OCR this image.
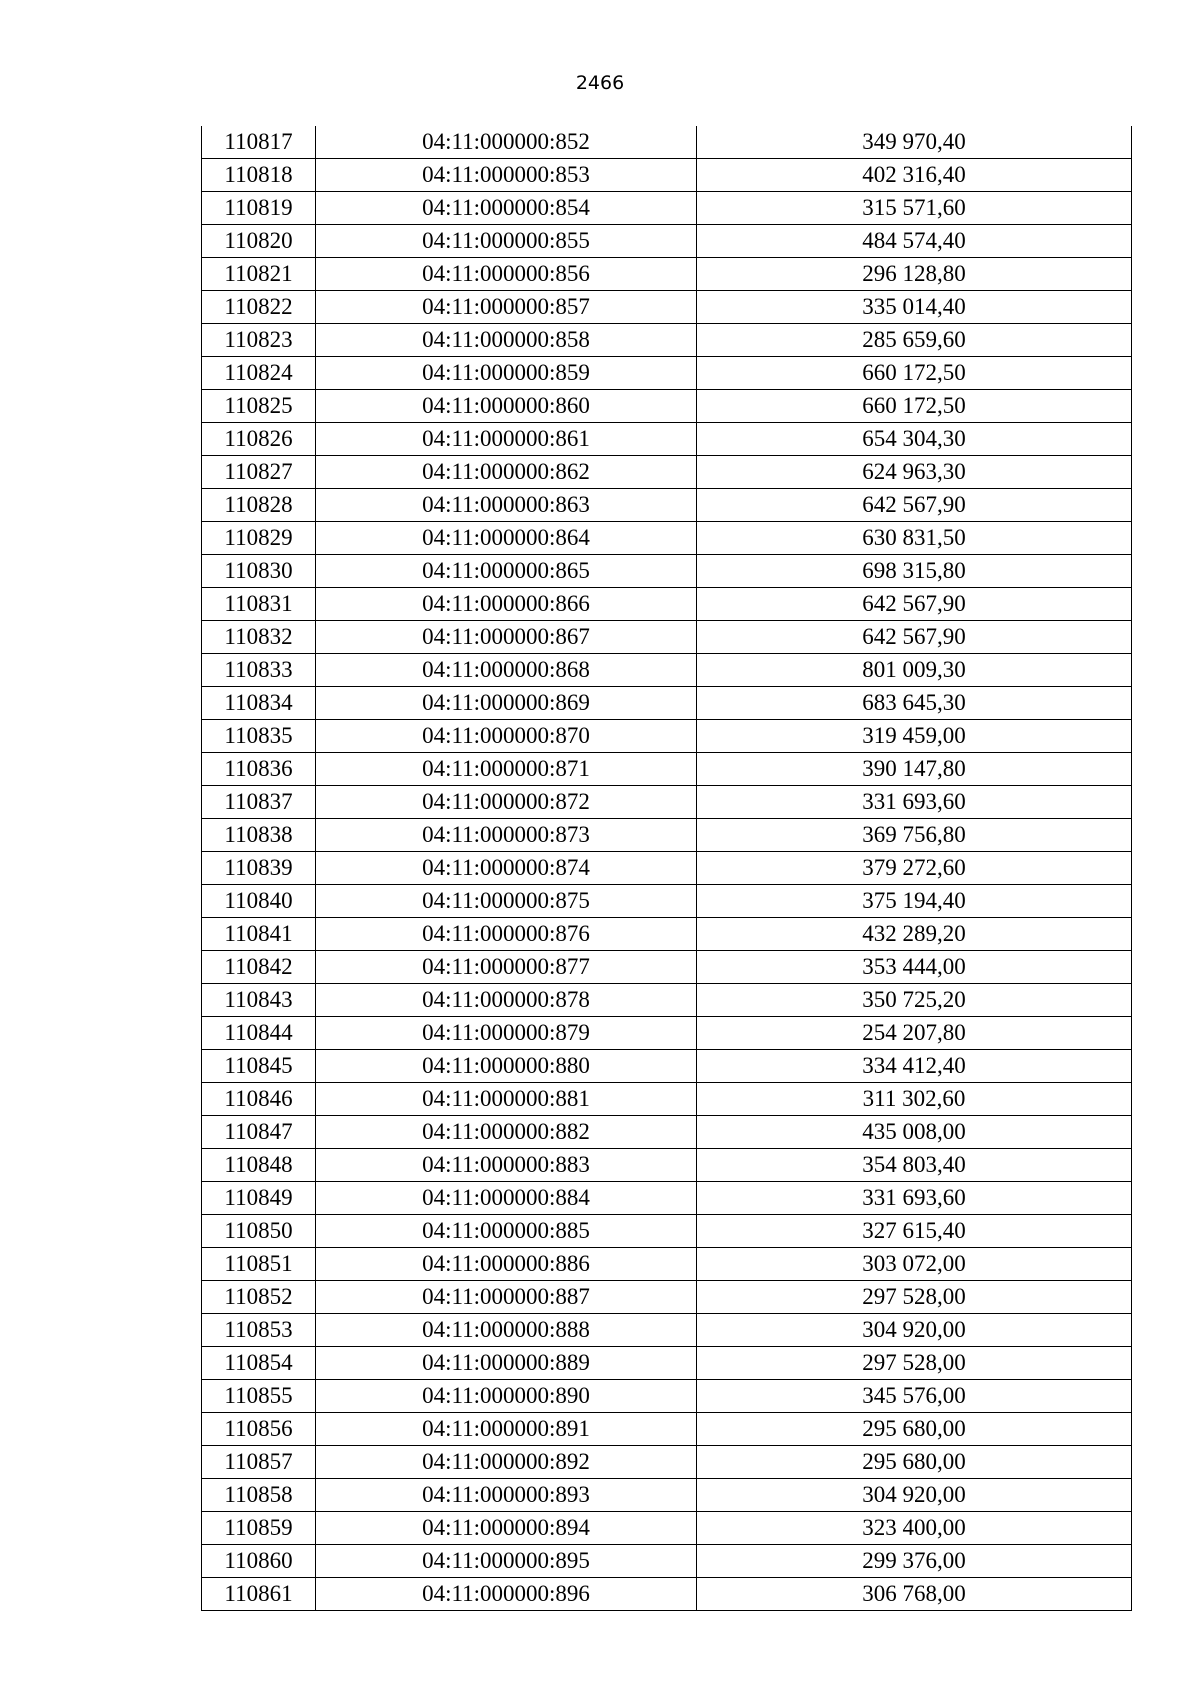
2466
110817	04:11:000000:852	349 970,40
110818	04:11:000000:853	402 316,40
110819	04:11:000000:854	315 571,60
110820	04:11:000000:855	484 574,40
110821	04:11:000000:856	296 128,80
110822	04:11:000000:857	335 014,40
110823	04:11:000000:858	285 659,60
110824	04:11:000000:859	660 172,50
110825	04:11:000000:860	660 172,50
110826	04:11:000000:861	654 304,30
110827	04:11:000000:862	624 963,30
110828	04:11:000000:863	642 567,90
110829	04:11:000000:864	630 831,50
110830	04:11:000000:865	698 315,80
110831	04:11:000000:866	642 567,90
110832	04:11:000000:867	642 567,90
110833	04:11:000000:868	801 009,30
110834	04:11:000000:869	683 645,30
110835	04:11:000000:870	319 459,00
110836	04:11:000000:871	390 147,80
110837	04:11:000000:872	331 693,60
110838	04:11:000000:873	369 756,80
110839	04:11:000000:874	379 272,60
110840	04:11:000000:875	375 194,40
110841	04:11:000000:876	432 289,20
110842	04:11:000000:877	353 444,00
110843	04:11:000000:878	350 725,20
110844	04:11:000000:879	254 207,80
110845	04:11:000000:880	334 412,40
110846	04:11:000000:881	311 302,60
110847	04:11:000000:882	435 008,00
110848	04:11:000000:883	354 803,40
110849	04:11:000000:884	331 693,60
110850	04:11:000000:885	327 615,40
110851	04:11:000000:886	303 072,00
110852	04:11:000000:887	297 528,00
110853	04:11:000000:888	304 920,00
110854	04:11:000000:889	297 528,00
110855	04:11:000000:890	345 576,00
110856	04:11:000000:891	295 680,00
110857	04:11:000000:892	295 680,00
110858	04:11:000000:893	304 920,00
110859	04:11:000000:894	323 400,00
110860	04:11:000000:895	299 376,00
110861	04:11:000000:896	306 768,00
